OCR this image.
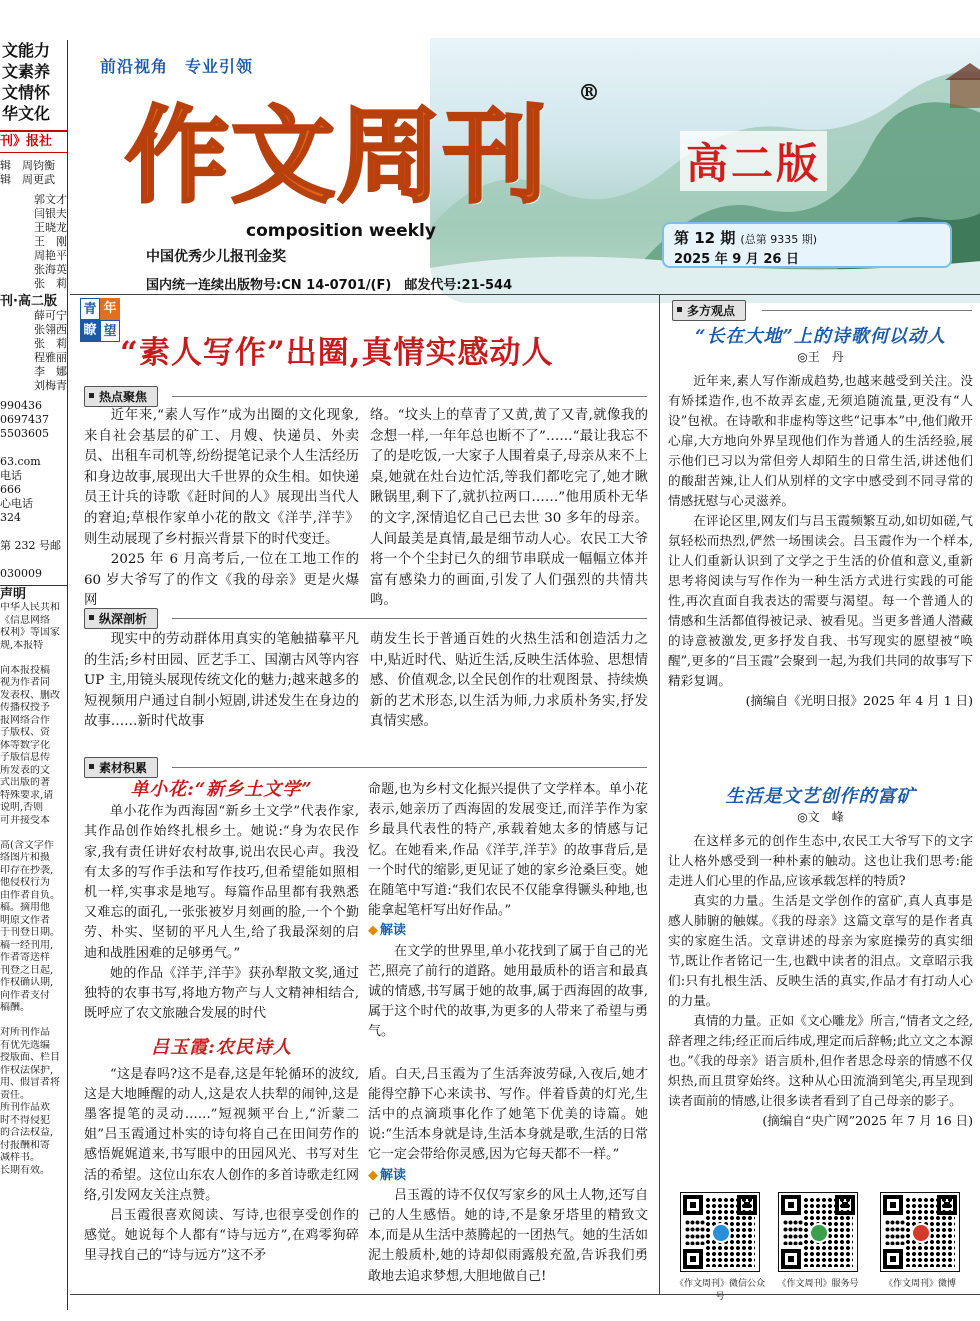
文能力
文素养
文情怀
华文化
刊》报社
辑　周钧衡
辑　周更武
郭文才
闫银夫
王晓龙
王　刚
周艳平
张海英
张　莉
刊·高二版
薛可宁
张翎西
张　莉
程雅丽
李　娜
刘梅青
990436
0697437
5503605

63.com
电话
666
心电话
324

第 232 号邮

030009
声明
中华人民共和
《信息网络
权利》等国家
规,本报特

向本报投稿
视为作者同
发表权、删改
传播权授予
报网络合作
子版权、资
体等数字化
子版信息传
所发表的文
式出版的著
特殊要求,请
说明,否则
可并接受本

高(含文字作
络图片和摄
印存在抄袭,
他侵权行为
由作者自负。
稿。摘用他
明原文作者
于刊登日期。
稿一经刊用,
作者寄送样
刊登之日起,
作权确认期,
向作者支付
稿酬。

对所刊作品
有优先选编
授版面、栏目
作权法保护,
用、假冒者将
责任。
所刊作品欢
时不得侵犯
的合法权益,
付报酬和寄
减样书。
长期有效。
前沿视角　专业引领
作文周刊
®
composition weekly
中国优秀少儿报刊金奖
国内统一连续出版物号:CN 14-0701/(F)　邮发代号:21-544
高二版
第 12 期 (总第 9335 期)
2025 年 9 月 26 日
青 年
瞭 望
“素人写作”出圈,真情实感动人
热点聚焦

近年来,“素人写作”成为出圈的文化现象,来自社会基层的矿工、月嫂、快递员、外卖员、出租车司机等,纷纷提笔记录个人生活经历和身边故事,展现出大千世界的众生相。如快递员王计兵的诗歌《赶时间的人》展现出当代人的窘迫;草根作家单小花的散文《洋芋,洋芋》则生动展现了乡村振兴背景下的时代变迁。

2025 年 6 月高考后,一位在工地工作的 60 岁大爷写了的作文《我的母亲》更是火爆网

络。“坟头上的草青了又黄,黄了又青,就像我的念想一样,一年年总也断不了”……“最让我忘不了的是吃饭,一大家子人围着桌子,母亲从来不上桌,她就在灶台边忙活,等我们都吃完了,她才瞅瞅锅里,剩下了,就扒拉两口……”他用质朴无华的文字,深情追忆自己已去世 30 多年的母亲。人间最美是真情,最是细节动人心。农民工大爷将一个个尘封已久的细节串联成一幅幅立体并富有感染力的画面,引发了人们强烈的共情共鸣。

纵深剖析

现实中的劳动群体用真实的笔触描摹平凡的生活;乡村田园、匠艺手工、国潮古风等内容 UP 主,用镜头展现传统文化的魅力;越来越多的短视频用户通过自制小短剧,讲述发生在身边的故事……新时代故事

萌发生长于普通百姓的火热生活和创造活力之中,贴近时代、贴近生活,反映生活体验、思想情感、价值观念,以全民创作的壮观图景、持续焕新的艺术形态,以生活为师,力求质朴务实,抒发真情实感。

素材积累
单小花:“新乡土文学”

单小花作为西海固“新乡土文学”代表作家,其作品创作始终扎根乡土。她说:“身为农民作家,我有责任讲好农村故事,说出农民心声。我没有太多的写作手法和写作技巧,但希望能如照相机一样,实事求是地写。每篇作品里都有我熟悉又难忘的面孔,一张张被岁月刻画的脸,一个个勤劳、朴实、坚韧的平凡人生,给了我最深刻的启迪和战胜困难的足够勇气。”

她的作品《洋芋,洋芋》获孙犁散文奖,通过独特的农事书写,将地方物产与人文精神相结合,既呼应了农文旅融合发展的时代

吕玉霞:农民诗人

“这是春吗?这不是春,这是年轮循环的波纹,这是大地睡醒的动人,这是农人扶犁的闹钟,这是墨客提笔的灵动……”短视频平台上,“沂蒙二姐”吕玉霞通过朴实的诗句将自己在田间劳作的感悟娓娓道来,书写眼中的田园风光、书写对生活的希望。这位山东农人创作的多首诗歌走红网络,引发网友关注点赞。

吕玉霞很喜欢阅读、写诗,也很享受创作的感觉。她说每个人都有“诗与远方”,在鸡零狗碎里寻找自己的“诗与远方”这不矛

命题,也为乡村文化振兴提供了文学样本。单小花表示,她亲历了西海固的发展变迁,而洋芋作为家乡最具代表性的特产,承载着她太多的情感与记忆。在她看来,作品《洋芋,洋芋》的故事背后,是一个时代的缩影,更见证了她的家乡沧桑巨变。她在随笔中写道:“我们农民不仅能拿得镢头种地,也能拿起笔杆写出好作品。”

◆ 解读

在文学的世界里,单小花找到了属于自己的光芒,照亮了前行的道路。她用最质朴的语言和最真诚的情感,书写属于她的故事,属于西海固的故事,属于这个时代的故事,为更多的人带来了希望与勇气。

盾。白天,吕玉霞为了生活奔波劳碌,入夜后,她才能得空静下心来读书、写作。伴着昏黄的灯光,生活中的点滴琐事化作了她笔下优美的诗篇。她说:“生活本身就是诗,生活本身就是歌,生活的日常它一定会带给你灵感,因为它每天都不一样。”

◆ 解读

吕玉霞的诗不仅仅写家乡的风土人物,还写自己的人生感悟。她的诗,不是象牙塔里的精致文本,而是从生活中蒸腾起的一团热气。她的生活如泥土般质朴,她的诗却似雨露般充盈,告诉我们勇敢地去追求梦想,大胆地做自己!

多方观点
“长在大地”上的诗歌何以动人
◎王　丹

近年来,素人写作渐成趋势,也越来越受到关注。没有矫揉造作,也不故弄玄虚,无须追随流量,更没有“人设”包袱。在诗歌和非虚构等这些“记事本”中,他们敞开心扉,大方地向外界呈现他们作为普通人的生活经验,展示他们已习以为常但旁人却陌生的日常生活,讲述他们的酸甜苦辣,让人们从别样的文字中感受到不同寻常的情感抚慰与心灵滋养。

在评论区里,网友们与吕玉霞频繁互动,如切如磋,气氛轻松而热烈,俨然一场围读会。吕玉霞作为一个样本,让人们重新认识到了文学之于生活的价值和意义,重新思考将阅读与写作作为一种生活方式进行实践的可能性,再次直面自我表达的需要与渴望。每一个普通人的情感和生活都值得被记录、被看见。当更多普通人潜藏的诗意被激发,更多抒发自我、书写现实的愿望被“唤醒”,更多的“吕玉霞”会聚到一起,为我们共同的故事写下精彩复调。

(摘编自《光明日报》2025 年 4 月 1 日)
生活是文艺创作的富矿
◎文　峰

在这样多元的创作生态中,农民工大爷写下的文字让人格外感受到一种朴素的触动。这也让我们思考:能走进人们心里的作品,应该承载怎样的特质?

真实的力量。生活是文学创作的富矿,真人真事是感人肺腑的触媒。《我的母亲》这篇文章写的是作者真实的家庭生活。文章讲述的母亲为家庭操劳的真实细节,既让作者铭记一生,也戳中读者的泪点。文章昭示我们:只有扎根生活、反映生活的真实,作品才有打动人心的力量。

真情的力量。正如《文心雕龙》所言,“情者文之经,辞者理之纬;经正而后纬成,理定而后辞畅;此立文之本源也。”《我的母亲》语言质朴,但作者思念母亲的情感不仅炽热,而且贯穿始终。这种从心田流淌到笔尖,再呈现到读者面前的情感,让很多读者看到了自己母亲的影子。

(摘编自“央广网”2025 年 7 月 16 日)
《作文周刊》微信公众号
《作文周刊》服务号	《作文周刊》微博
